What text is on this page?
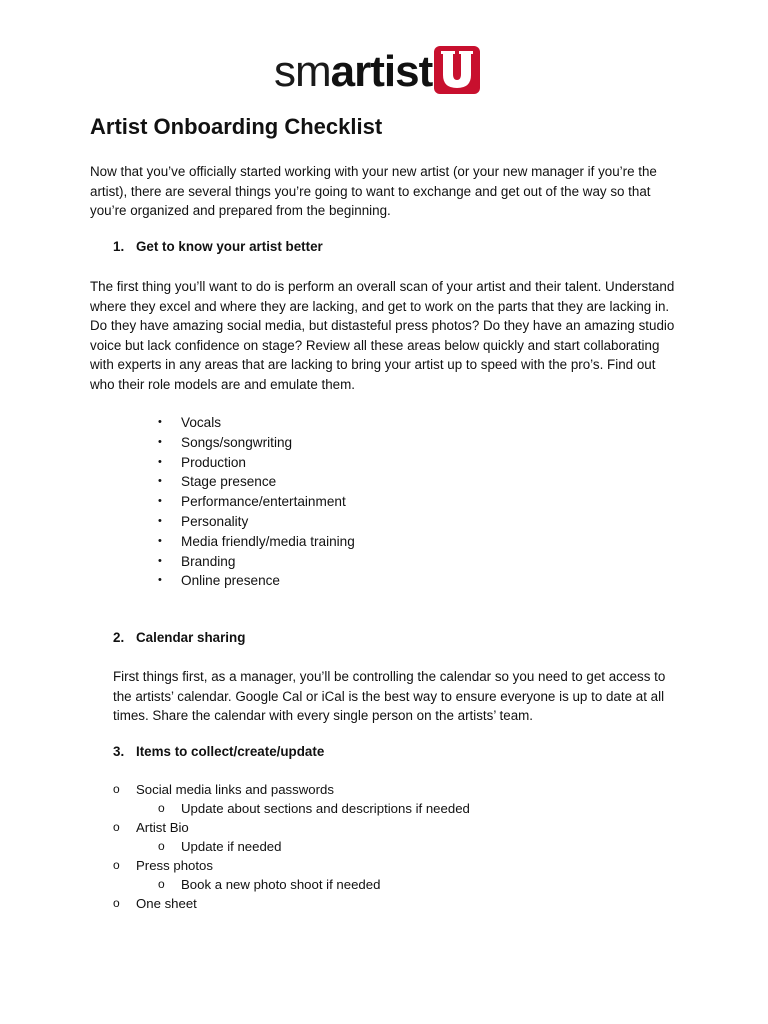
sm artist
Artist Onboarding Checklist

Now that you’ve officially started working with your new artist (or your new manager if you’re the artist), there are several things you’re going to want to exchange and get out of the way so that you’re organized and prepared from the beginning.

1. Get to know your artist better

The first thing you’ll want to do is perform an overall scan of your artist and their talent. Understand where they excel and where they are lacking, and get to work on the parts that they are lacking in. Do they have amazing social media, but distasteful press photos? Do they have an amazing studio voice but lack confidence on stage? Review all these areas below quickly and start collaborating with experts in any areas that are lacking to bring your artist up to speed with the pro’s. Find out who their role models are and emulate them.

•	Vocals
•	Songs/songwriting
•	Production
•	Stage presence
•	Performance/entertainment
•	Personality
•	Media friendly/media training
•	Branding
•	Online presence
2. Calendar sharing

First things first, as a manager, you’ll be controlling the calendar so you need to get access to the artists’ calendar. Google Cal or iCal is the best way to ensure everyone is up to date at all times. Share the calendar with every single person on the artists’ team.

3. Items to collect/create/update
o	Social media links and passwords
o	Update about sections and descriptions if needed
o	Artist Bio
o	Update if needed
o	Press photos
o	Book a new photo shoot if needed
o	One sheet
